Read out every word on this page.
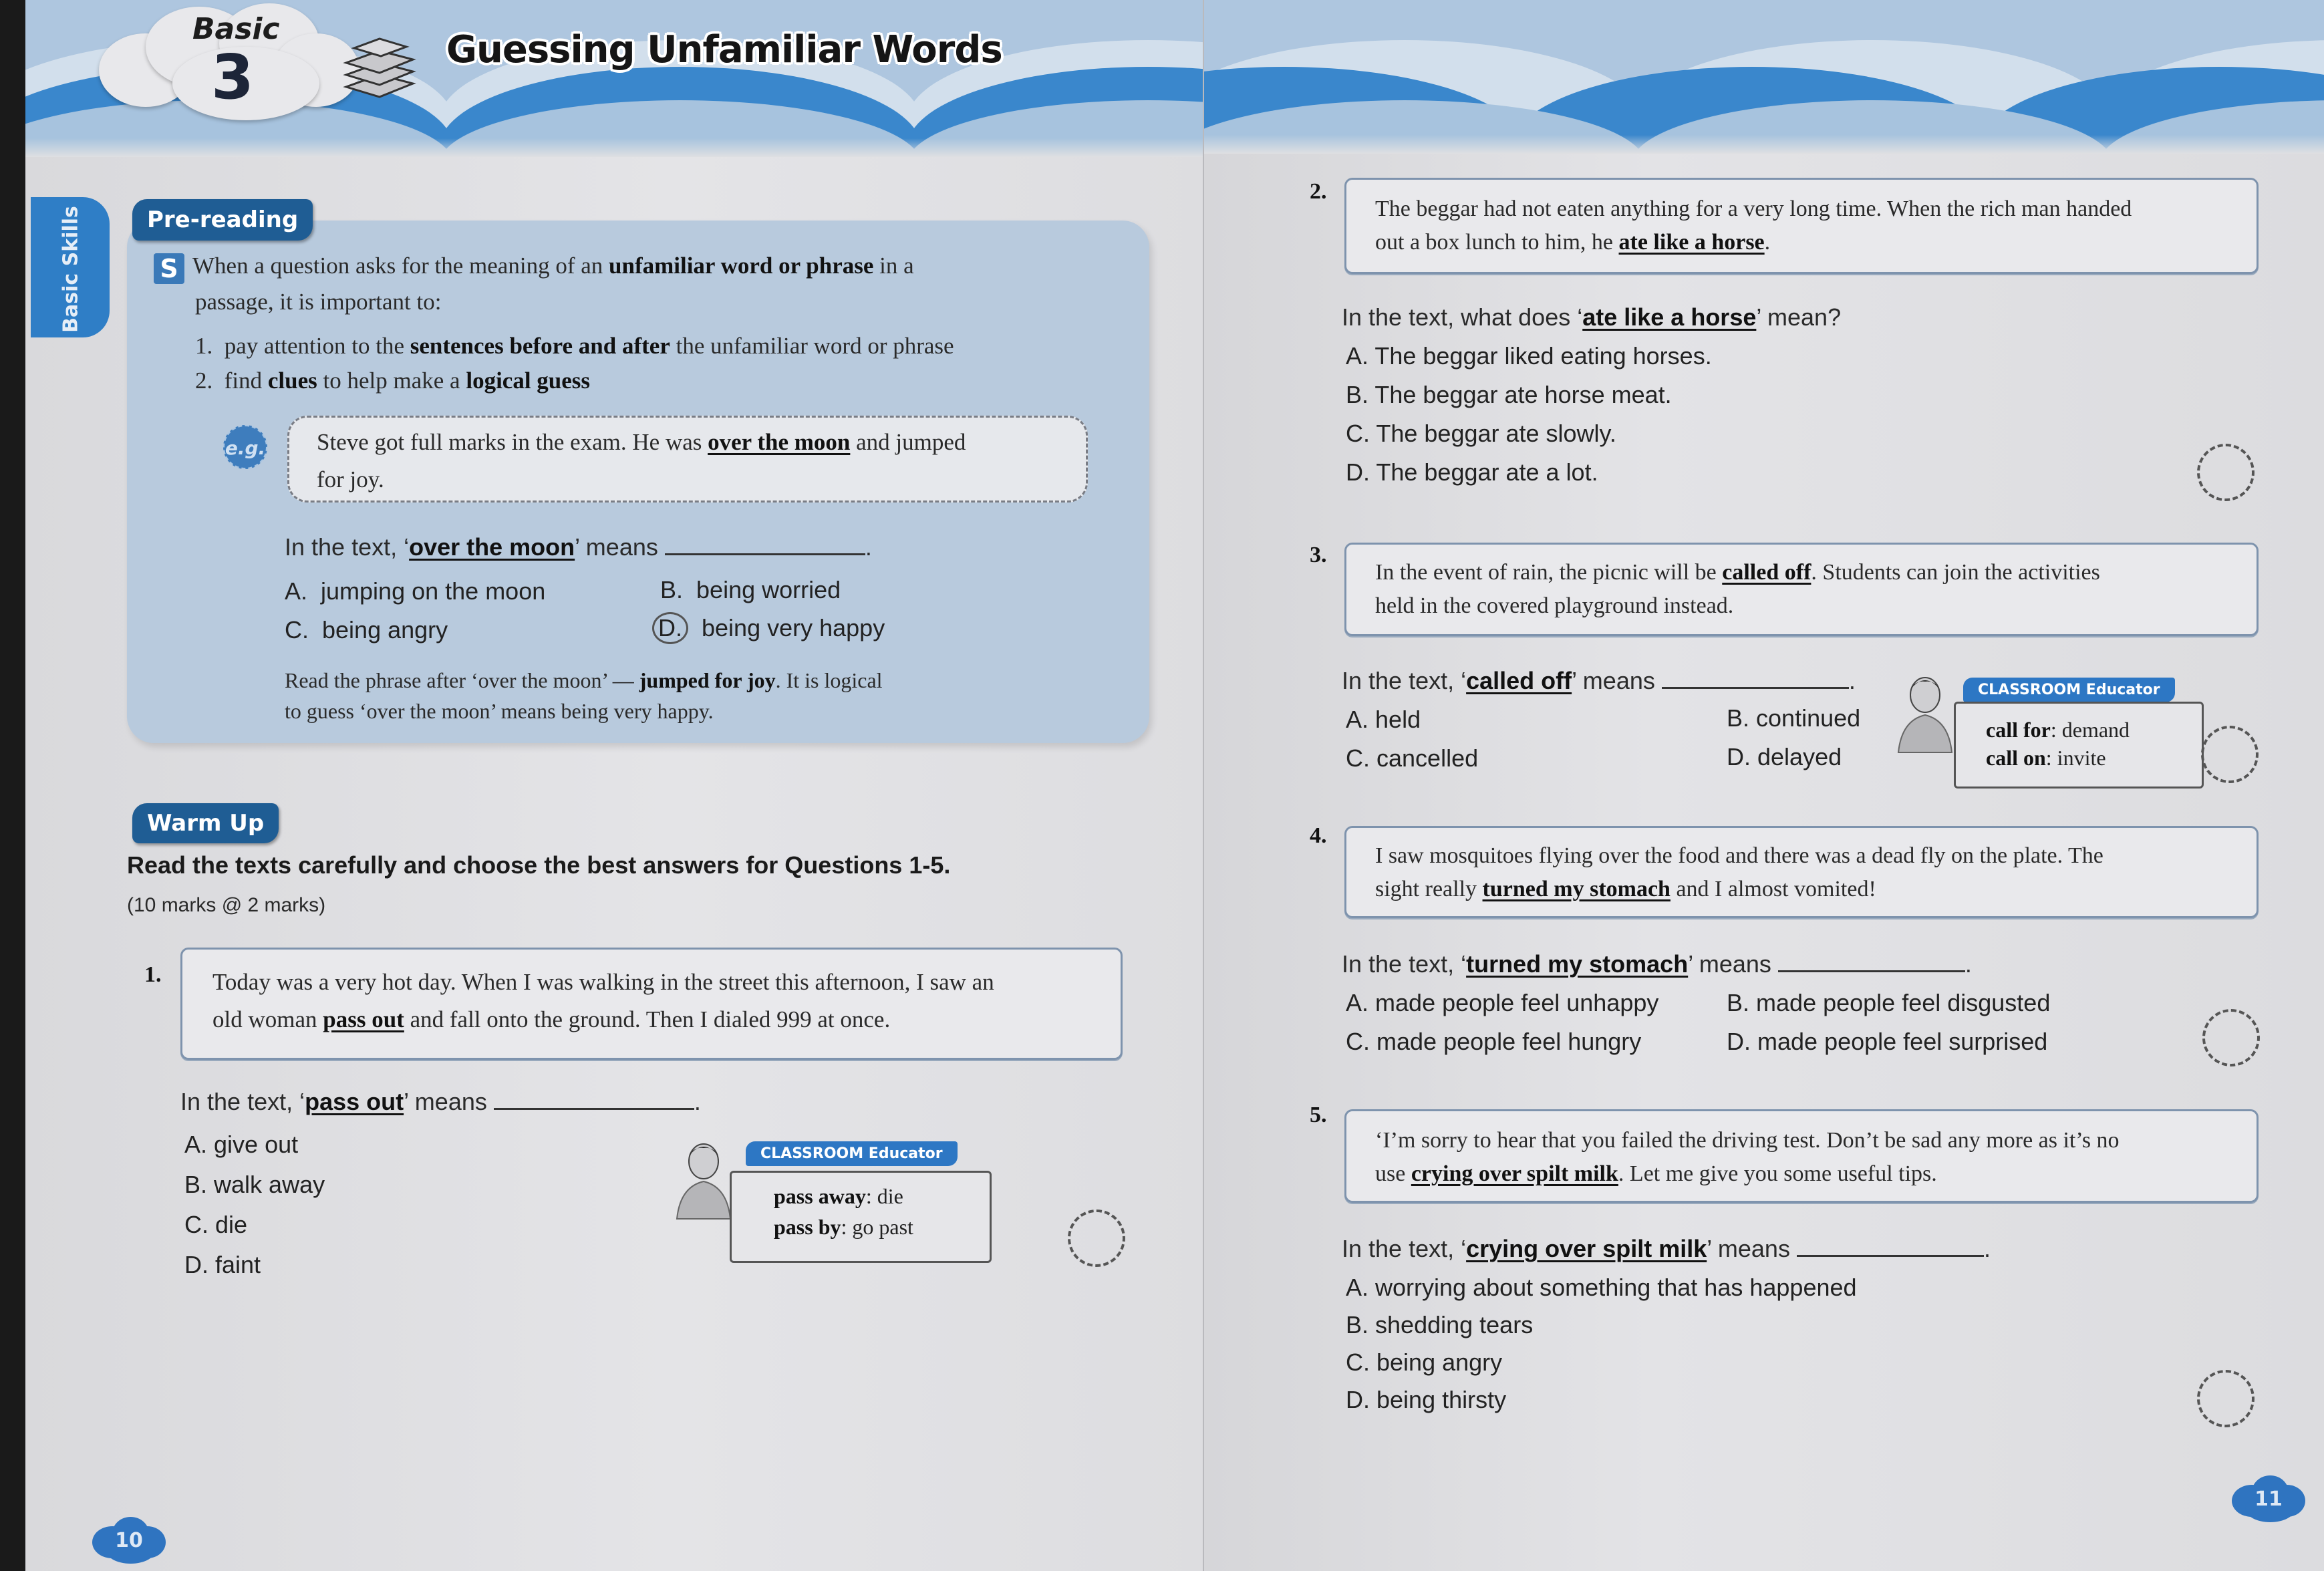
Basic
3	Guessing Unfamiliar Words
Basic Skills	Pre-reading
S When a question asks for the meaning of an unfamiliar word or phrase in a
passage, it is important to:
1. pay attention to the sentences before and after the unfamiliar word or phrase
2. find clues to help make a logical guess
e.g. Steve got full marks in the exam. He was over the moon and jumped
for joy.
In the text, ‘over the moon’ means	.
A. jumping on the moon	B. being worried
C. being angry	D. being very happy
Read the phrase after ‘over the moon’ — jumped for joy. It is logical
to guess ‘over the moon’ means being very happy.
Warm Up
Read the texts carefully and choose the best answers for Questions 1-5.
(10 marks @ 2 marks)
1. Today was a very hot day. When I was walking in the street this afternoon, I saw an
old woman pass out and fall onto the ground. Then I dialed 999 at once.
In the text, ‘pass out’ means	.
A. give out
B. walk away
C. die
D. faint
CLASSROOM Educator
pass away: die
pass by: go past
10
2.
The beggar had not eaten anything for a very long time. When the rich man handed
out a box lunch to him, he ate like a horse.
In the text, what does ‘ate like a horse’ mean?
A. The beggar liked eating horses.
B. The beggar ate horse meat.
C. The beggar ate slowly.
D. The beggar ate a lot.
3.
In the event of rain, the picnic will be called off. Students can join the activities
held in the covered playground instead.
In the text, ‘called off’ means	.
A. held	B. continued
C. cancelled	D. delayed
CLASSROOM Educator
call for: demand
call on: invite
4.
I saw mosquitoes flying over the food and there was a dead fly on the plate. The
sight really turned my stomach and I almost vomited!
In the text, ‘turned my stomach’ means	.
A. made people feel unhappy	B. made people feel disgusted
C. made people feel hungry	D. made people feel surprised
5.
‘I’m sorry to hear that you failed the driving test. Don’t be sad any more as it’s no
use crying over spilt milk. Let me give you some useful tips.
In the text, ‘crying over spilt milk’ means	.
A. worrying about something that has happened
B. shedding tears
C. being angry
D. being thirsty
11
